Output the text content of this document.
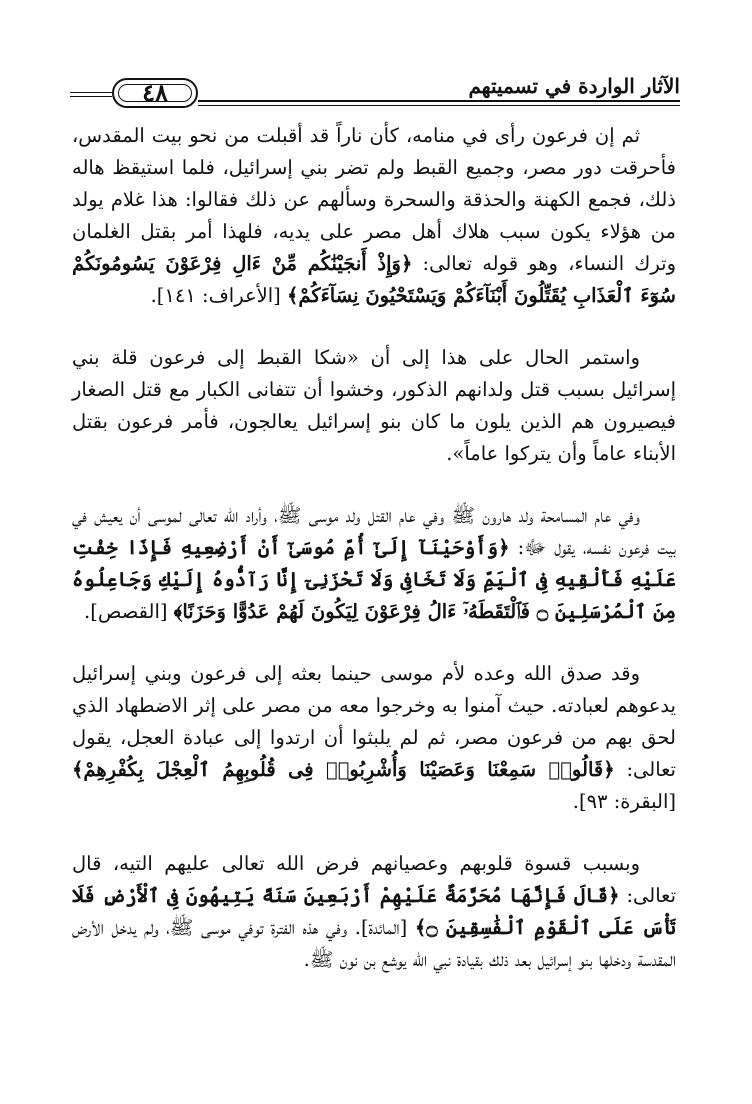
٤٨	الآثار الواردة في تسميتهم

ثم إن فرعون رأى في منامه، كأن ناراً قد أقبلت من نحو بيت المقدس، فأحرقت دور مصر، وجميع القبط ولم تضر بني إسرائيل، فلما استيقظ هاله ذلك، فجمع الكهنة والحذقة والسحرة وسألهم عن ذلك فقالوا: هذا غلام يولد من هؤلاء يكون سبب هلاك أهل مصر على يديه، فلهذا أمر بقتل الغلمان وترك النساء، وهو قوله تعالى: ﴿وَإِذْ أَنجَيْنَٰكُم مِّنْ ءَالِ فِرْعَوْنَ يَسُومُونَكُمْ سُوٓءَ ٱلْعَذَابِ يُقَتِّلُونَ أَبْنَآءَكُمْ وَيَسْتَحْيُونَ نِسَآءَكُمْ﴾ [الأعراف: ١٤١].

واستمر الحال على هذا إلى أن «شكا القبط إلى فرعون قلة بني إسرائيل بسبب قتل ولدانهم الذكور، وخشوا أن تتفانى الكبار مع قتل الصغار فيصيرون هم الذين يلون ما كان بنو إسرائيل يعالجون، فأمر فرعون بقتل الأبناء عاماً وأن يتركوا عاماً».

وفي عام المسامحة ولد هارون ﷺ وفي عام القتل ولد موسى ﷺ، وأراد الله تعالى لموسى أن يعيش في بيت فرعون نفسه، يقول ﷻ: ﴿وَأَوْحَيْنَآ إِلَىٰٓ أُمِّ مُوسَىٰٓ أَنْ أَرْضِعِيهِ فَإِذَا خِفْتِ عَلَيْهِ فَأَلْقِيهِ فِى ٱلْيَمِّ وَلَا تَخَافِى وَلَا تَحْزَنِىٓ إِنَّا رَآدُّوهُ إِلَيْكِ وَجَاعِلُوهُ مِنَ ٱلْمُرْسَلِينَ ۝ فَٱلْتَقَطَهُۥٓ ءَالُ فِرْعَوْنَ لِيَكُونَ لَهُمْ عَدُوًّا وَحَزَنًا﴾ [القصص].

وقد صدق الله وعده لأم موسى حينما بعثه إلى فرعون وبني إسرائيل يدعوهم لعبادته. حيث آمنوا به وخرجوا معه من مصر على إثر الاضطهاد الذي لحق بهم من فرعون مصر، ثم لم يلبثوا أن ارتدوا إلى عبادة العجل، يقول تعالى: ﴿قَالُوا۟ سَمِعْنَا وَعَصَيْنَا وَأُشْرِبُوا۟ فِى قُلُوبِهِمُ ٱلْعِجْلَ بِكُفْرِهِمْ﴾ [البقرة: ٩٣].

وبسبب قسوة قلوبهم وعصيانهم فرض الله تعالى عليهم التيه، قال تعالى: ﴿قَالَ فَإِنَّهَا مُحَرَّمَةٌ عَلَيْهِمْ أَرْبَعِينَ سَنَةً يَتِيهُونَ فِى ٱلْأَرْضِ فَلَا تَأْسَ عَلَى ٱلْقَوْمِ ٱلْفَٰسِقِينَ ۝﴾ [المائدة]. وفي هذه الفترة توفي موسى ﷺ، ولم يدخل الأرض المقدسة ودخلها بنو إسرائيل بعد ذلك بقيادة نبي الله يوشع بن نون ﷺ.
